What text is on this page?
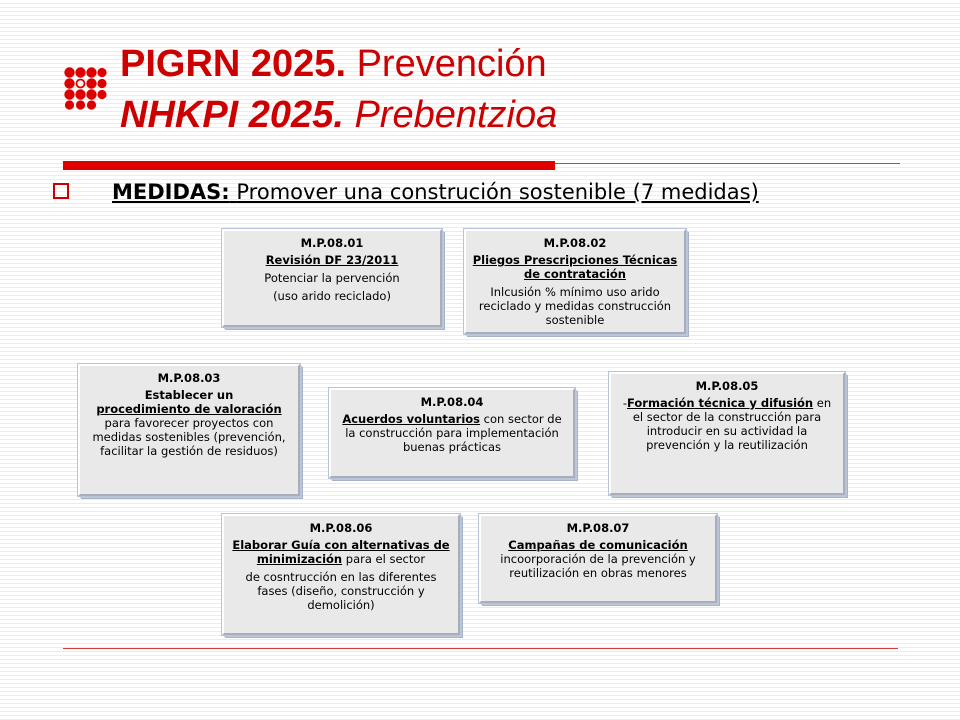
PIGRN 2025. Prevención
NHKPI 2025. Prebentzioa
MEDIDAS: Promover una construción sostenible (7 medidas)
M.P.08.01
Revisión DF 23/2011
Potenciar la pervención
(uso arido reciclado)
M.P.08.02
Pliegos Prescripciones Técnicas de contratación
Inlcusión % mínimo uso arido reciclado y medidas construcción sostenible
M.P.08.03
Establecer un
procedimiento de valoración para favorecer proyectos con medidas sostenibles (prevención, facilitar la gestión de residuos)
M.P.08.04
Acuerdos voluntarios con sector de la construcción para implementación buenas prácticas
M.P.08.05
-Formación técnica y difusión en el sector de la construcción para introducir en su actividad la prevención y la reutilización
M.P.08.06
Elaborar Guía con alternativas de minimización para el sector
de cosntrucción en las diferentes fases (diseño, construcción y demolición)
M.P.08.07
Campañas de comunicación
incoorporación de la prevención y reutilización en obras menores
